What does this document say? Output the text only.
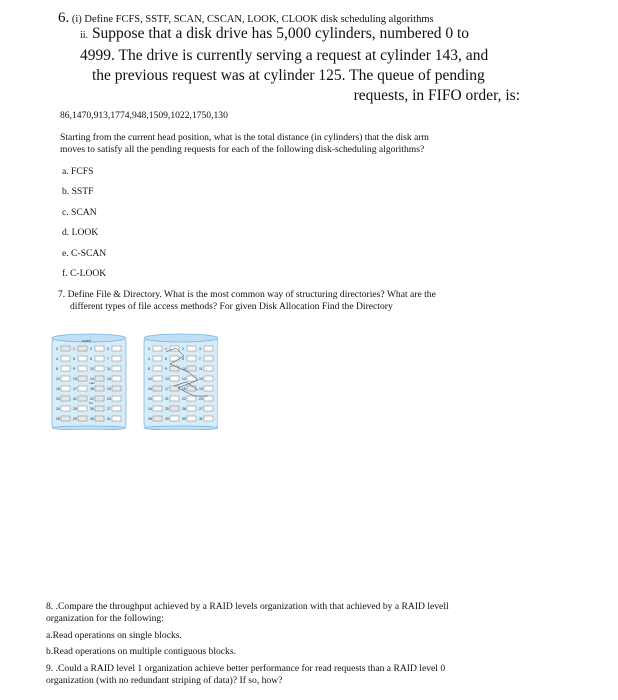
6. (i) Define FCFS, SSTF, SCAN, CSCAN, LOOK, CLOOK disk scheduling algorithms
ii. Suppose that a disk drive has 5,000 cylinders, numbered 0 to
4999. The drive is currently serving a request at cylinder 143, and
the previous request was at cylinder 125. The queue of pending
requests, in FIFO order, is:
86,1470,913,1774,948,1509,1022,1750,130
Starting from the current head position, what is the total distance (in cylinders) that the disk arm
moves to satisfy all the pending requests for each of the following disk-scheduling algorithms?
a. FCFS
b. SSTF
c. SCAN
d. LOOK
e. C-SCAN
f. C-LOOK
7. Define File & Directory. What is the most common way of structuring directories? What are the
different types of file access methods? For given Disk Allocation Find the Directory
count
0	1	2	3
4	5	6	7
8	9	10	11
12	13	14	15
16	17	18	19
20	21	22	23
24	25	26	27
28	29	30	31
mail
list
0	1	2	3
4	5	6	7
8	9	10	11
12	13	14	15
16	17	18	19
20	21	22	23
24	25	26	27
28	29	30	31

8. .Compare the throughput achieved by a RAID levels organization with that achieved by a RAID levell
organization for the following:

a.Read operations on single blocks.

b.Read operations on multiple contiguous blocks.

9. .Could a RAID level 1 organization achieve better performance for read requests than a RAID level 0
organization (with no redundant striping of data)? If so, how?
